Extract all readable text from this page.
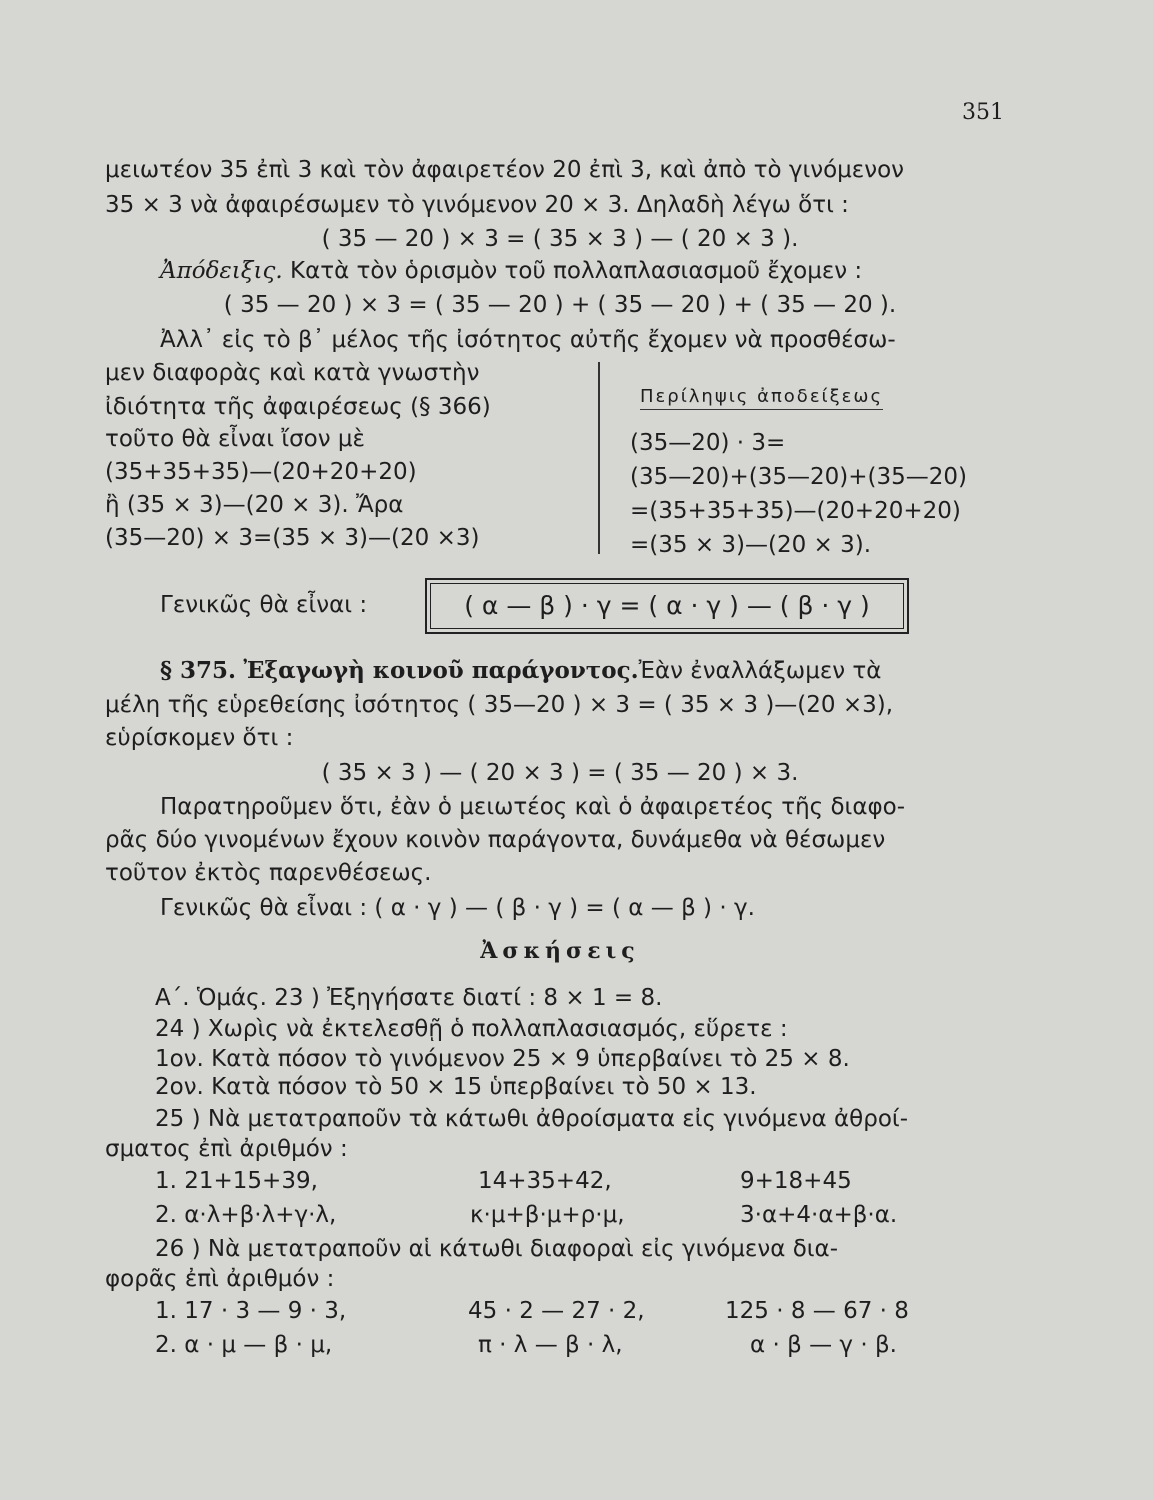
351
μειωτέον 35 ἐπὶ 3 καὶ τὸν ἀφαιρετέον 20 ἐπὶ 3, καὶ ἀπὸ τὸ γινόμενον
35 × 3 νὰ ἀφαιρέσωμεν τὸ γινόμενον 20 × 3. Δηλαδὴ λέγω ὅτι :
( 35 — 20 ) × 3 = ( 35 × 3 ) — ( 20 × 3 ).
Ἀπόδειξις. Κατὰ τὸν ὁρισμὸν τοῦ πολλαπλασιασμοῦ ἔχομεν :
( 35 — 20 ) × 3 = ( 35 — 20 ) + ( 35 — 20 ) + ( 35 — 20 ).
Ἀλλ᾽ εἰς τὸ β᾽ μέλος τῆς ἰσότητος αὐτῆς ἔχομεν νὰ προσθέσω-
μεν διαφορὰς καὶ κατὰ γνωστὴν
ἰδιότητα τῆς ἀφαιρέσεως (§ 366)
τοῦτο θὰ εἶναι ἴσον μὲ
(35+35+35)—(20+20+20)
ἢ (35 × 3)—(20 × 3). Ἄρα
(35—20) × 3=(35 × 3)—(20 ×3)
Περίληψις ἀποδείξεως
(35—20) · 3=
(35—20)+(35—20)+(35—20)
=(35+35+35)—(20+20+20)
=(35 × 3)—(20 × 3).
Γενικῶς θὰ εἶναι :	( α — β ) · γ = ( α · γ ) — ( β · γ )
§ 375. Ἐξαγωγὴ κοινοῦ παράγοντος.Ἐὰν ἐναλλάξωμεν τὰ
μέλη τῆς εὑρεθείσης ἰσότητος ( 35—20 ) × 3 = ( 35 × 3 )—(20 ×3),
εὑρίσκομεν ὅτι :
( 35 × 3 ) — ( 20 × 3 ) = ( 35 — 20 ) × 3.
Παρατηροῦμεν ὅτι, ἐὰν ὁ μειωτέος καὶ ὁ ἀφαιρετέος τῆς διαφο-
ρᾶς δύο γινομένων ἔχουν κοινὸν παράγοντα, δυνάμεθα νὰ θέσωμεν
τοῦτον ἐκτὸς παρενθέσεως.
Γενικῶς θὰ εἶναι : ( α · γ ) — ( β · γ ) = ( α — β ) · γ.
Ἀσκήσεις
Α΄. Ὁμάς. 23 ) Ἐξηγήσατε διατί : 8 × 1 = 8.
24 ) Χωρὶς νὰ ἐκτελεσθῇ ὁ πολλαπλασιασμός, εὕρετε :
1ον. Κατὰ πόσον τὸ γινόμενον 25 × 9 ὑπερβαίνει τὸ 25 × 8.
2ον. Κατὰ πόσον τὸ 50 × 15 ὑπερβαίνει τὸ 50 × 13.
25 ) Νὰ μετατραποῦν τὰ κάτωθι ἀθροίσματα εἰς γινόμενα ἀθροί-
σματος ἐπὶ ἀριθμόν :
1. 21+15+39,	14+35+42,	9+18+45
2. α·λ+β·λ+γ·λ,	κ·μ+β·μ+ρ·μ,	3·α+4·α+β·α.
26 ) Νὰ μετατραποῦν αἱ κάτωθι διαφοραὶ εἰς γινόμενα δια-
φορᾶς ἐπὶ ἀριθμόν :
1. 17 · 3 — 9 · 3,	45 · 2 — 27 · 2,	125 · 8 — 67 · 8
2. α · μ — β · μ,	π · λ — β · λ,	α · β — γ · β.
